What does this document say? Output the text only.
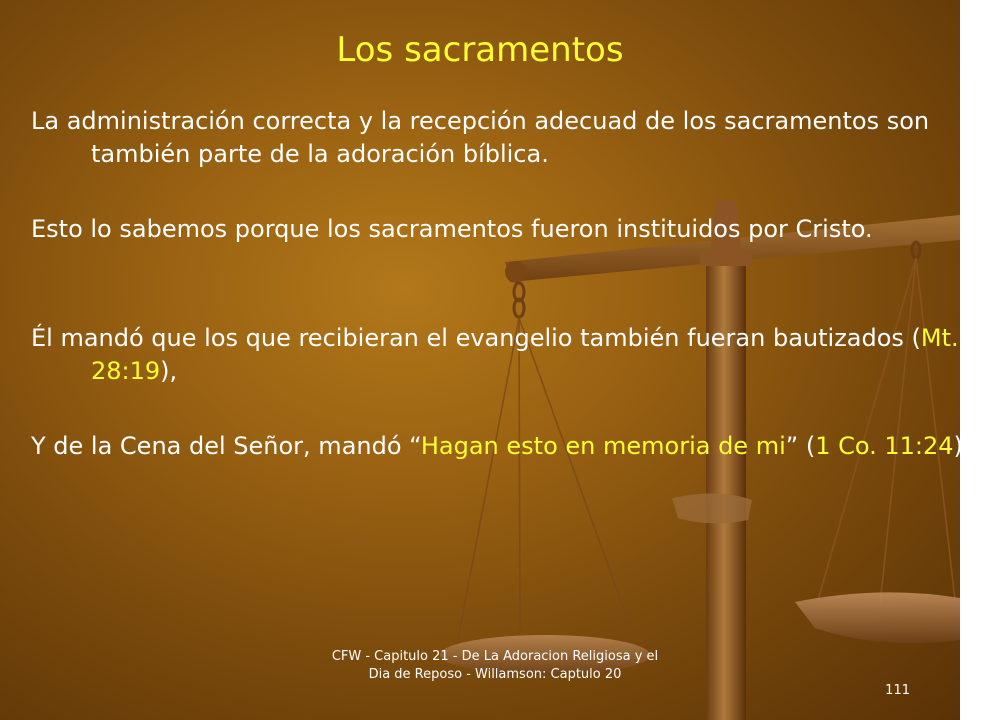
Los sacramentos

La administración correcta y la recepción adecuad de los sacramentos son también parte de la adoración bíblica.

Esto lo sabemos porque los sacramentos fueron instituidos por Cristo.

Él mandó que los que recibieran el evangelio también fueran bautizados (Mt. 28:19),

Y de la Cena del Señor, mandó “Hagan esto en memoria de mi” (1 Co. 11:24).

CFW - Capitulo 21 - De La Adoracion Religiosa y el Dia de Reposo - Willamson: Captulo 20
111
